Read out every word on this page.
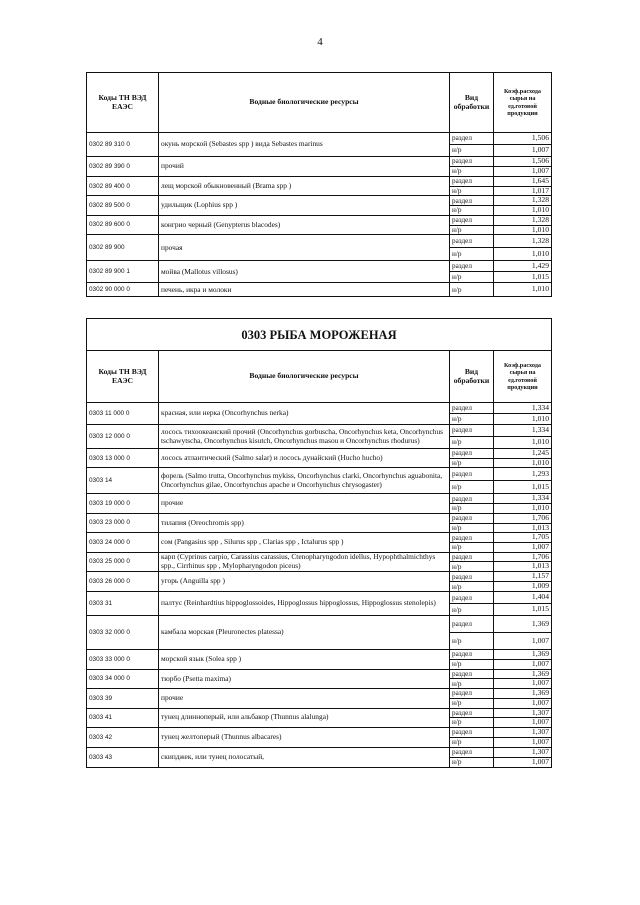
4
Коды ТН ВЭД ЕАЭС	Водные биологические ресурсы	Вид обработки	Коэф.расхода сырья на ед.готовой продукции
0302 89 310 0	окунь морской (Sebastes spp ) вида Sebastes marinus	раздел	1,506
		н/р	1,007
0302 89 390 0	прочий	раздел	1,506
		н/р	1,007
0302 89 400 0	лещ морской обыкновенный (Brama spp )	раздел	1,645
		н/р	1,017
0302 89 500 0	удильщик (Lophius spp )	раздел	1,328
		н/р	1,010
0302 89 600 0	конгрио черный (Genypterus blacodes)	раздел	1,328
		н/р	1,010
0302 89 900	прочая	раздел	1,328
		н/р	1,010
0302 89 900 1	мойва (Mallotus villosus)	раздел	1,429
		н/р	1,015
0302 90 000 0	печень, икра и молоки	н/р	1,010
0303 РЫБА МОРОЖЕНАЯ
Коды ТН ВЭД ЕАЭС	Водные биологические ресурсы	Вид обработки	Коэф.расхода сырья на ед.готовой продукции
0303 11 000 0	красная, или нерка (Oncorhynchus nerka)	раздел	1,334
		н/р	1,010
0303 12 000 0	лосось тихоокеанский прочий (Oncorhynchus gorbuscha, Oncorhynchus keta, Oncorhynchus tschawytscha, Oncorhynchus kisutch, Oncorhynchus masou и Oncorhynchus rhodurus)	раздел	1,334
		н/р	1,010
0303 13 000 0	лосось атлантический (Salmo salar) и лосось дунайский (Hucho hucho)	раздел	1,245
		н/р	1,010
0303 14	форель (Salmo trutta, Oncorhynchus mykiss, Oncorhynchus clarki, Oncorhynchus aguabonita, Oncorhynchus gilae, Oncorhynchus apache и Oncorhynchus chrysogaster)	раздел	1,293
		н/р	1,015
0303 19 000 0	прочие	раздел	1,334
		н/р	1,010
0303 23 000 0	тилапия (Oreochromis spp)	раздел	1,706
		н/р	1,013
0303 24 000 0	сом (Pangasius spp , Silurus spp , Clarias spp , Ictalurus spp )	раздел	1,705
		н/р	1,007
0303 25 000 0	карп (Cyprinus carpio, Carassius carassius, Ctenopharyngodon idellus, Hypophthalmichthys spp., Cirrhinus spp , Mylopharyngodon piceus)	раздел	1,706
		н/р	1,013
0303 26 000 0	угорь (Anguilla spp )	раздел	1,157
		н/р	1,009
0303 31	палтус (Reinhardtius hippoglossoides, Hippoglossus hippoglossus, Hippoglossus stenolepis)	раздел	1,404
		н/р	1,015
0303 32 000 0	камбала морская (Pleuronectes platessa)	раздел	1,369
		н/р	1,007
0303 33 000 0	морской язык (Solea spp )	раздел	1,369
		н/р	1,007
0303 34 000 0	тюрбо (Psetta maxima)	раздел	1,369
		н/р	1,007
0303 39	прочие	раздел	1,369
		н/р	1,007
0303 41	тунец длинноперый, или альбакор (Thunnus alalunga)	раздел	1,307
		н/р	1,007
0303 42	тунец желтоперый (Thunnus albacares)	раздел	1,307
		н/р	1,007
0303 43	скипджек, или тунец полосатый,	раздел	1,307
		н/р	1,007
